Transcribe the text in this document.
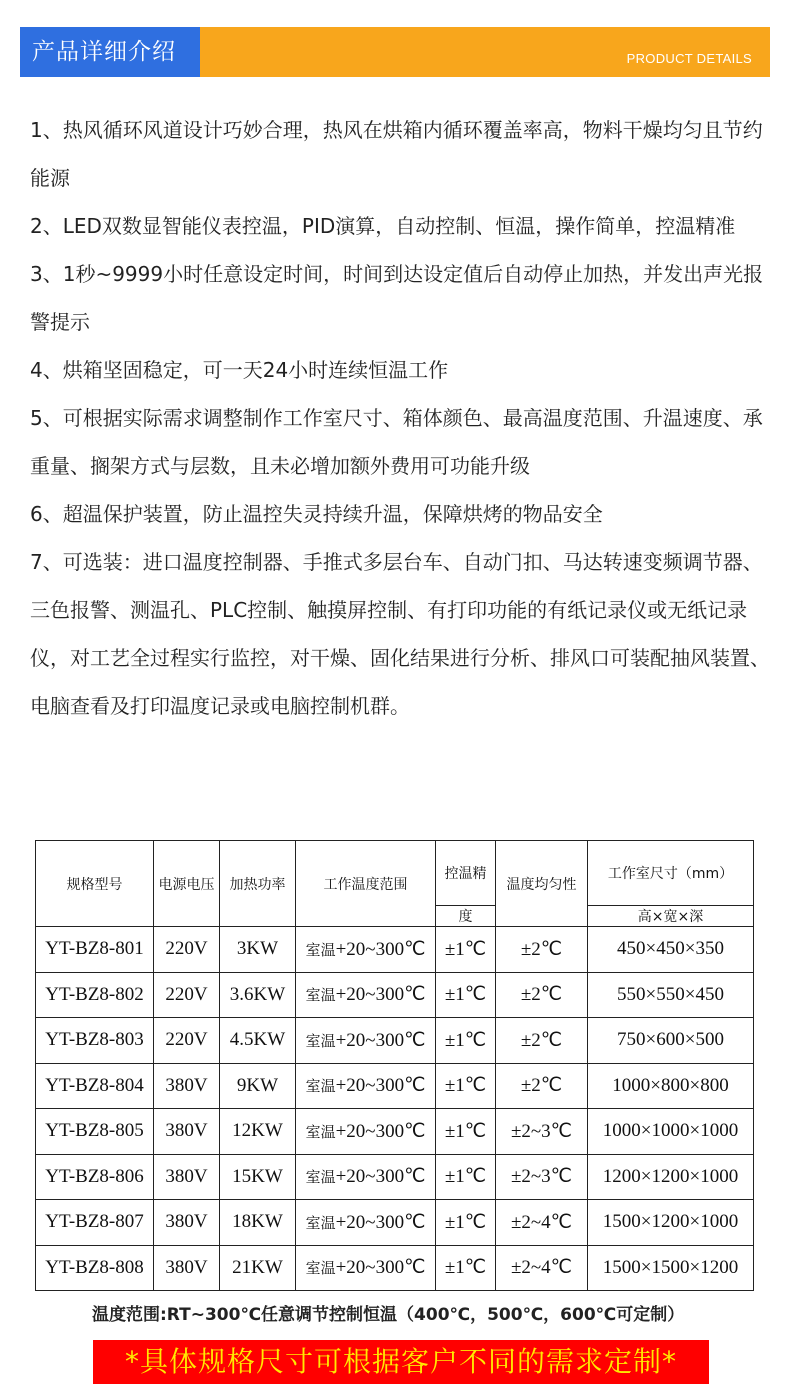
产品详细介绍	PRODUCT DETAILS

1、热风循环风道设计巧妙合理，热风在烘箱内循环覆盖率高，物料干燥均匀且节约能源

2、LED双数显智能仪表控温，PID演算，自动控制、恒温，操作简单，控温精准

3、1秒~9999小时任意设定时间，时间到达设定值后自动停止加热，并发出声光报警提示

4、烘箱坚固稳定，可一天24小时连续恒温工作

5、可根据实际需求调整制作工作室尺寸、箱体颜色、最高温度范围、升温速度、承重量、搁架方式与层数，且未必增加额外费用可功能升级

6、超温保护装置，防止温控失灵持续升温，保障烘烤的物品安全

7、可选装：进口温度控制器、手推式多层台车、自动门扣、马达转速变频调节器、三色报警、测温孔、PLC控制、触摸屏控制、有打印功能的有纸记录仪或无纸记录仪，对工艺全过程实行监控，对干燥、固化结果进行分析、排风口可装配抽风装置、电脑查看及打印温度记录或电脑控制机群。

规格型号	电源电压	加热功率	工作温度范围	控温精	温度均匀性	工作室尺寸（mm）
				度		高×宽×深
YT-BZ8-801	220V	3KW	室温+20~300℃	±1℃	±2℃	450×450×350
YT-BZ8-802	220V	3.6KW	室温+20~300℃	±1℃	±2℃	550×550×450
YT-BZ8-803	220V	4.5KW	室温+20~300℃	±1℃	±2℃	750×600×500
YT-BZ8-804	380V	9KW	室温+20~300℃	±1℃	±2℃	1000×800×800
YT-BZ8-805	380V	12KW	室温+20~300℃	±1℃	±2~3℃	1000×1000×1000
YT-BZ8-806	380V	15KW	室温+20~300℃	±1℃	±2~3℃	1200×1200×1000
YT-BZ8-807	380V	18KW	室温+20~300℃	±1℃	±2~4℃	1500×1200×1000
YT-BZ8-808	380V	21KW	室温+20~300℃	±1℃	±2~4℃	1500×1500×1200
温度范围:RT~300℃任意调节控制恒温（400℃，500℃，600℃可定制）
*具体规格尺寸可根据客户不同的需求定制*
